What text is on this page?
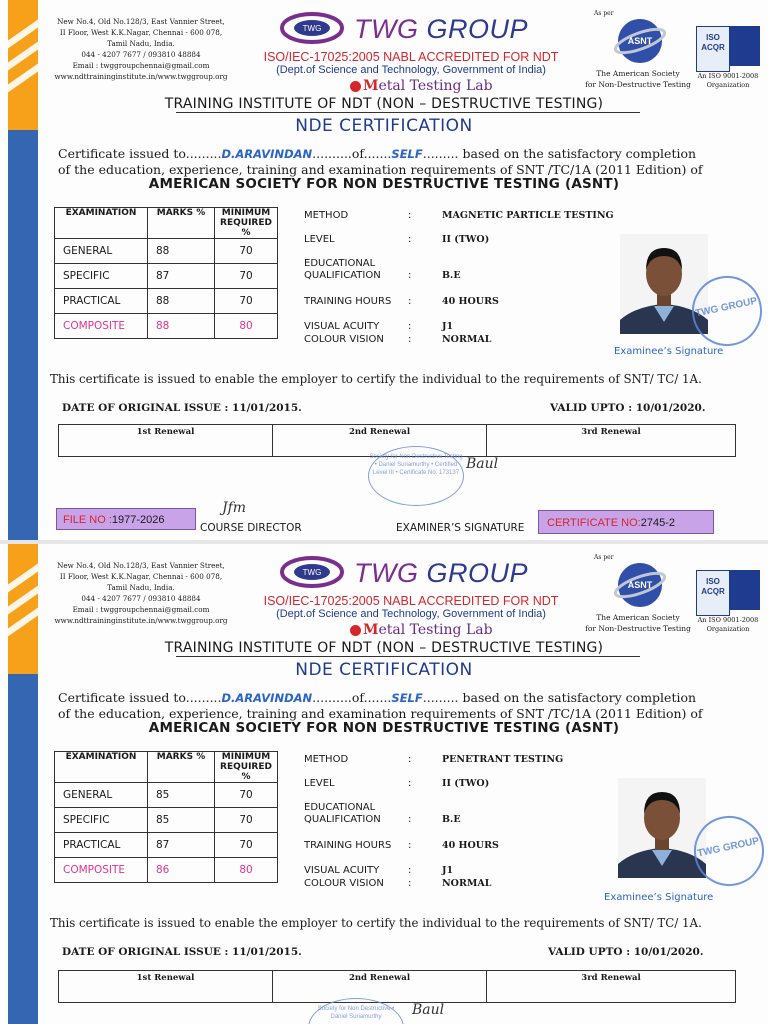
New No.4, Old No.128/3, East Vannier Street,
II Floor, West K.K.Nagar, Chennai - 600 078,
Tamil Nadu, India.
044 - 4207 7677 / 093810 48884
Email : twggroupchennai@gmail.com
www.ndttraininginstitute.in/www.twggroup.org
TWG TWG GROUP
ISO/IEC-17025:2005 NABL ACCREDITED FOR NDT
(Dept.of Science and Technology, Government of India)
Metal Testing Lab
As per
ASNT
The American Society
for Non-Destructive Testing
ISO
ACQR
An ISO 9001-2008
Organization
TRAINING INSTITUTE OF NDT (NON – DESTRUCTIVE TESTING)
NDE CERTIFICATION
Certificate issued to.........D.ARAVINDAN..........of.......SELF......... based on the satisfactory completion
of the education, experience, training and examination requirements of SNT /TC/1A (2011 Edition) of
AMERICAN SOCIETY FOR NON DESTRUCTIVE TESTING (ASNT)
EXAMINATION	MARKS %	MINIMUM REQUIRED %
GENERAL	88	70
SPECIFIC	87	70
PRACTICAL	88	70
COMPOSITE	88	80
METHOD	:	MAGNETIC PARTICLE TESTING
LEVEL	:	II (TWO)
EDUCATIONAL QUALIFICATION	:	B.E
TRAINING HOURS	:	40 HOURS
VISUAL ACUITY	:	J1
COLOUR VISION	:	NORMAL
TWG GROUP
Examinee’s Signature
This certificate is issued to enable the employer to certify the individual to the requirements of SNT/ TC/ 1A.
DATE OF ORIGINAL ISSUE : 11/01/2015.	VALID UPTO : 10/01/2020.
1st Renewal	2nd Renewal	3rd Renewal
Society for Non Destructive Testing • Daniel Suriamurthy • Certified Level III • Certificate No. 173137
Baul
Jfm
FILE NO :1977-2026
COURSE DIRECTOR	EXAMINER’S SIGNATURE	CERTIFICATE NO:2745-2
New No.4, Old No.128/3, East Vannier Street,
II Floor, West K.K.Nagar, Chennai - 600 078,
Tamil Nadu, India.
044 - 4207 7677 / 093810 48884
Email : twggroupchennai@gmail.com
www.ndttraininginstitute.in/www.twggroup.org
TWG TWG GROUP
ISO/IEC-17025:2005 NABL ACCREDITED FOR NDT
(Dept.of Science and Technology, Government of India)
Metal Testing Lab
As per
ASNT
The American Society
for Non-Destructive Testing
ISO
ACQR
An ISO 9001-2008
Organization
TRAINING INSTITUTE OF NDT (NON – DESTRUCTIVE TESTING)
NDE CERTIFICATION
Certificate issued to.........D.ARAVINDAN..........of.......SELF......... based on the satisfactory completion
of the education, experience, training and examination requirements of SNT /TC/1A (2011 Edition) of
AMERICAN SOCIETY FOR NON DESTRUCTIVE TESTING (ASNT)
EXAMINATION	MARKS %	MINIMUM REQUIRED %
GENERAL	85	70
SPECIFIC	85	70
PRACTICAL	87	70
COMPOSITE	86	80
METHOD	:	PENETRANT TESTING
LEVEL	:	II (TWO)
EDUCATIONAL QUALIFICATION	:	B.E
TRAINING HOURS	:	40 HOURS
VISUAL ACUITY	:	J1
COLOUR VISION	:	NORMAL
TWG GROUP
Examinee’s Signature
This certificate is issued to enable the employer to certify the individual to the requirements of SNT/ TC/ 1A.
DATE OF ORIGINAL ISSUE : 11/01/2015.	VALID UPTO : 10/01/2020.
1st Renewal	2nd Renewal	3rd Renewal
Society for Non Destructive • Daniel Suriamurthy	Baul
